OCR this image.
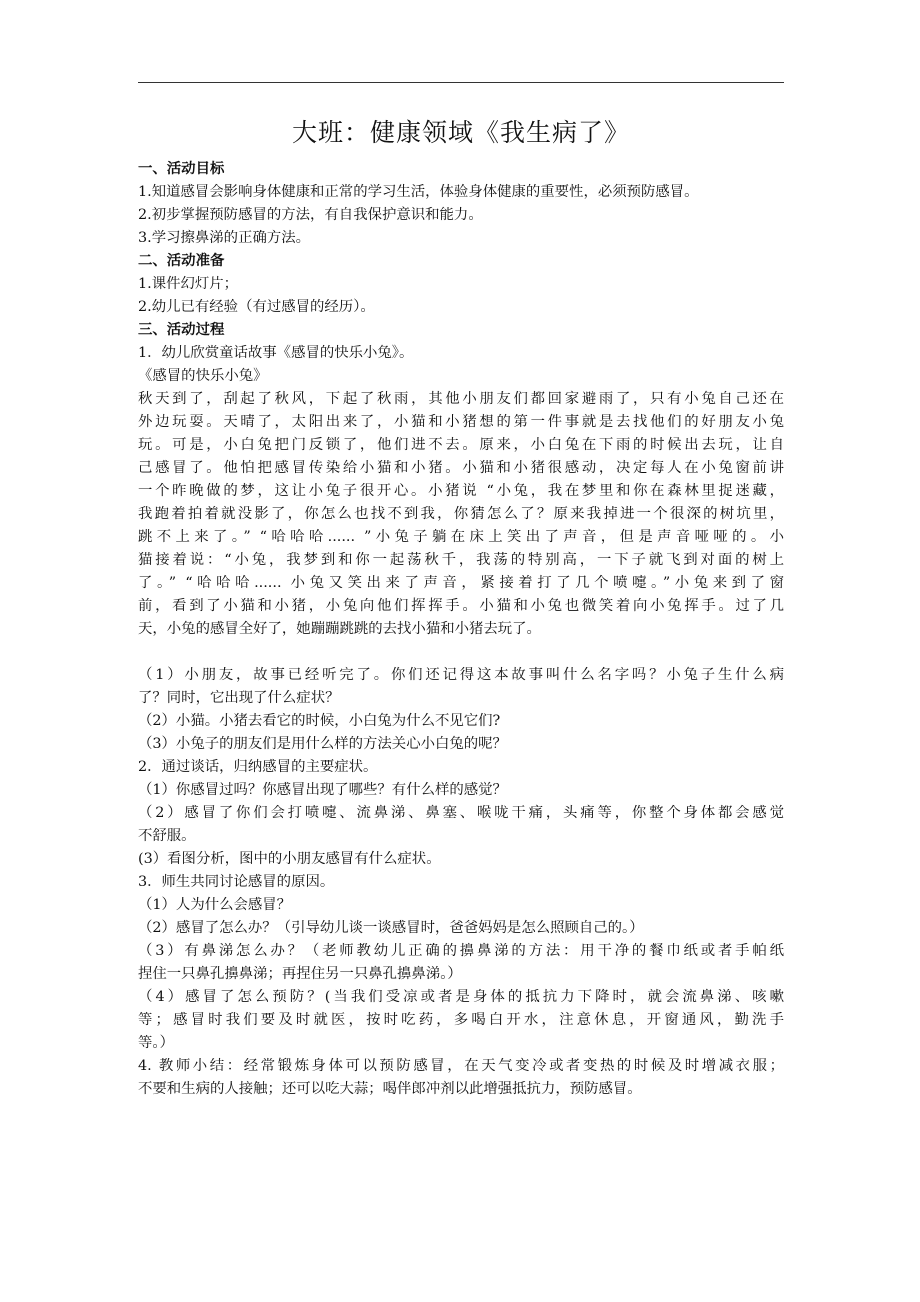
大班：健康领域《我生病了》
一、活动目标
1.知道感冒会影响身体健康和正常的学习生活，体验身体健康的重要性，必须预防感冒。
2.初步掌握预防感冒的方法，有自我保护意识和能力。
3.学习擦鼻涕的正确方法。
二、活动准备
1.课件幻灯片；
2.幼儿已有经验（有过感冒的经历）。
三、活动过程
1．幼儿欣赏童话故事《感冒的快乐小兔》。
《感冒的快乐小兔》
秋天到了，刮起了秋风，下起了秋雨，其他小朋友们都回家避雨了，只有小兔自己还在
外边玩耍。天晴了，太阳出来了，小猫和小猪想的第一件事就是去找他们的好朋友小兔
玩。可是，小白兔把门反锁了，他们进不去。原来，小白兔在下雨的时候出去玩，让自
己感冒了。他怕把感冒传染给小猫和小猪。小猫和小猪很感动，决定每人在小兔窗前讲
一个昨晚做的梦，这让小兔子很开心。小猪说 “小兔，我在梦里和你在森林里捉迷藏，
我跑着拍着就没影了，你怎么也找不到我，你猜怎么了？原来我掉进一个很深的树坑里，
跳不上来了。” “哈哈哈...... ”小兔子躺在床上笑出了声音，但是声音哑哑的。小
猫接着说：“小兔，我梦到和你一起荡秋千，我荡的特别高，一下子就飞到对面的树上
了。” “哈哈哈...... 小兔又笑出来了声音，紧接着打了几个喷嚏。”小兔来到了窗
前，看到了小猫和小猪，小兔向他们挥挥手。小猫和小兔也微笑着向小兔挥手。过了几
天，小兔的感冒全好了，她蹦蹦跳跳的去找小猫和小猪去玩了。
（1）小朋友，故事已经听完了。你们还记得这本故事叫什么名字吗？小兔子生什么病
了？同时，它出现了什么症状？
（2）小猫。小猪去看它的时候，小白兔为什么不见它们?
（3）小兔子的朋友们是用什么样的方法关心小白兔的呢？
2．通过谈话，归纳感冒的主要症状。
（1）你感冒过吗？你感冒出现了哪些？有什么样的感觉？
（2）感冒了你们会打喷嚏、流鼻涕、鼻塞、喉咙干痛，头痛等，你整个身体都会感觉
不舒服。
(3）看图分析，图中的小朋友感冒有什么症状。
3．师生共同讨论感冒的原因。
（1）人为什么会感冒？
（2）感冒了怎么办？（引导幼儿谈一谈感冒时，爸爸妈妈是怎么照顾自己的。）
（3）有鼻涕怎么办？（老师教幼儿正确的擤鼻涕的方法：用干净的餐巾纸或者手帕纸
捏住一只鼻孔擤鼻涕；再捏住另一只鼻孔擤鼻涕。）
（4）感冒了怎么预防？(当我们受凉或者是身体的抵抗力下降时，就会流鼻涕、咳嗽
等；感冒时我们要及时就医，按时吃药，多喝白开水，注意休息，开窗通风，勤洗手
等。）
4. 教师小结：经常锻炼身体可以预防感冒，在天气变冷或者变热的时候及时增减衣服；
不要和生病的人接触；还可以吃大蒜；喝伴郎冲剂以此增强抵抗力，预防感冒。
